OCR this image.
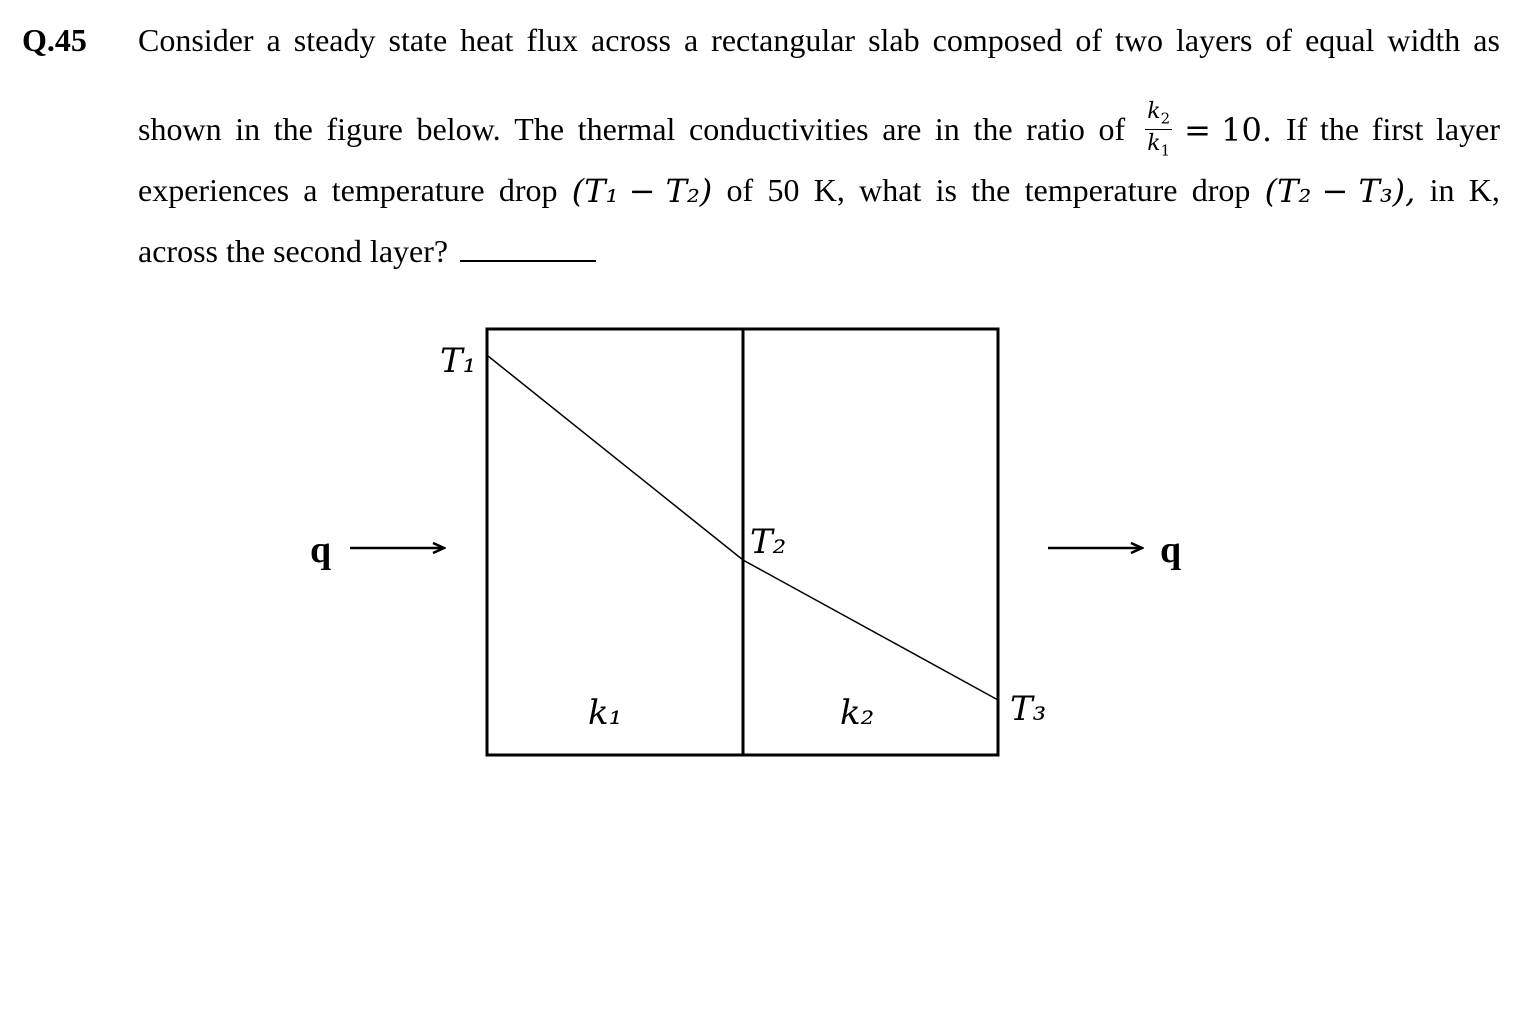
Q.45 Consider a steady state heat flux across a rectangular slab composed of two layers of equal width as
shown in the figure below. The thermal conductivities are in the ratio of $\frac{k_2}{k_1} = 10$. If the first layer
experiences a temperature drop (T₁ − T₂) of 50 K, what is the temperature drop (T₂ − T₃), in K,
across the second layer?
q	q
T₁
T₂
T₃
k₁	k₂
